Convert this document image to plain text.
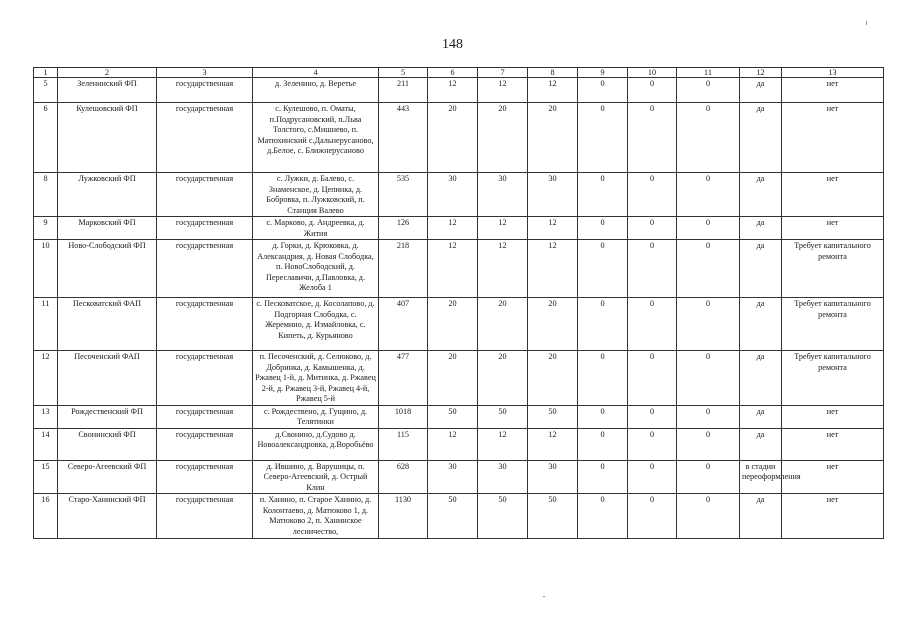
148
1	2	3	4	5	6	7	8	9	10	11	12	13
5	Зеленинский ФП	государственная	д. Зеленино, д. Веретье	211	12	12	12	0	0	0	да	нет
6	Кулешовский ФП	государственная	с. Кулешово, п. Оматы, п.Подрусановский, п.Льва Толстого, с.Мишнево, п. Матюхинский с.Дальнерусаново, д.Белое, с. Ближнерусаново	443	20	20	20	0	0	0	да	нет
8	Лужковский ФП	государственная	с. Лужки, д. Балево, с. Знаменское, д. Цепинка, д. Бобровка, п. Лужковский, п. Станция Валево	535	30	30	30	0	0	0	да	нет
9	Марковский ФП	государственная	с. Марково, д. Андреевка, д. Жития	126	12	12	12	0	0	0	да	нет
10	Ново-Слободский ФП	государственная	д. Горки, д. Крюковка, д. Александрия, д. Новая Слободка, п. НовоСлободский, д. Переславичи, д.Павловка, д. Желоба 1	218	12	12	12	0	0	0	да	Требует капитального ремонта
11	Песковатский ФАП	государственная	с. Песковатское, д. Косолапово, д. Подгорная Слободка, с. Жеремино, д. Измайловка, с. Кипеть, д. Курьяново	407	20	20	20	0	0	0	да	Требует капитального ремонта
12	Песоченский ФАП	государственная	п. Песоченский, д. Селюково, д. Добринка, д. Камышенка, д. Ржавец 1-й, д. Митинка, д. Ржавец 2-й, д. Ржавец 3-й, Ржавец 4-й, Ржавец 5-й	477	20	20	20	0	0	0	да	Требует капитального ремонта
13	Рождественский ФП	государственная	с. Рождествено, д. Гущино, д. Телятинки	1018	50	50	50	0	0	0	да	нет
14	Свонинский ФП	государственная	д.Свонино, д.Судово д. Новоалександровка, д.Воробьёво	115	12	12	12	0	0	0	да	нет
15	Северо-Агеевский ФП	государственная	д. Ившино, д. Варушицы, п. Северо-Агеевский, д. Острый Клин	628	30	30	30	0	0	0	в стадии переоформления	нет
16	Старо-Ханинский ФП	государственная	п. Ханино, п. Старое Ханино, д. Колонтаево, д. Матюково 1, д. Матюково 2, п. Ханинское лесничество,	1130	50	50	50	0	0	0	да	нет
